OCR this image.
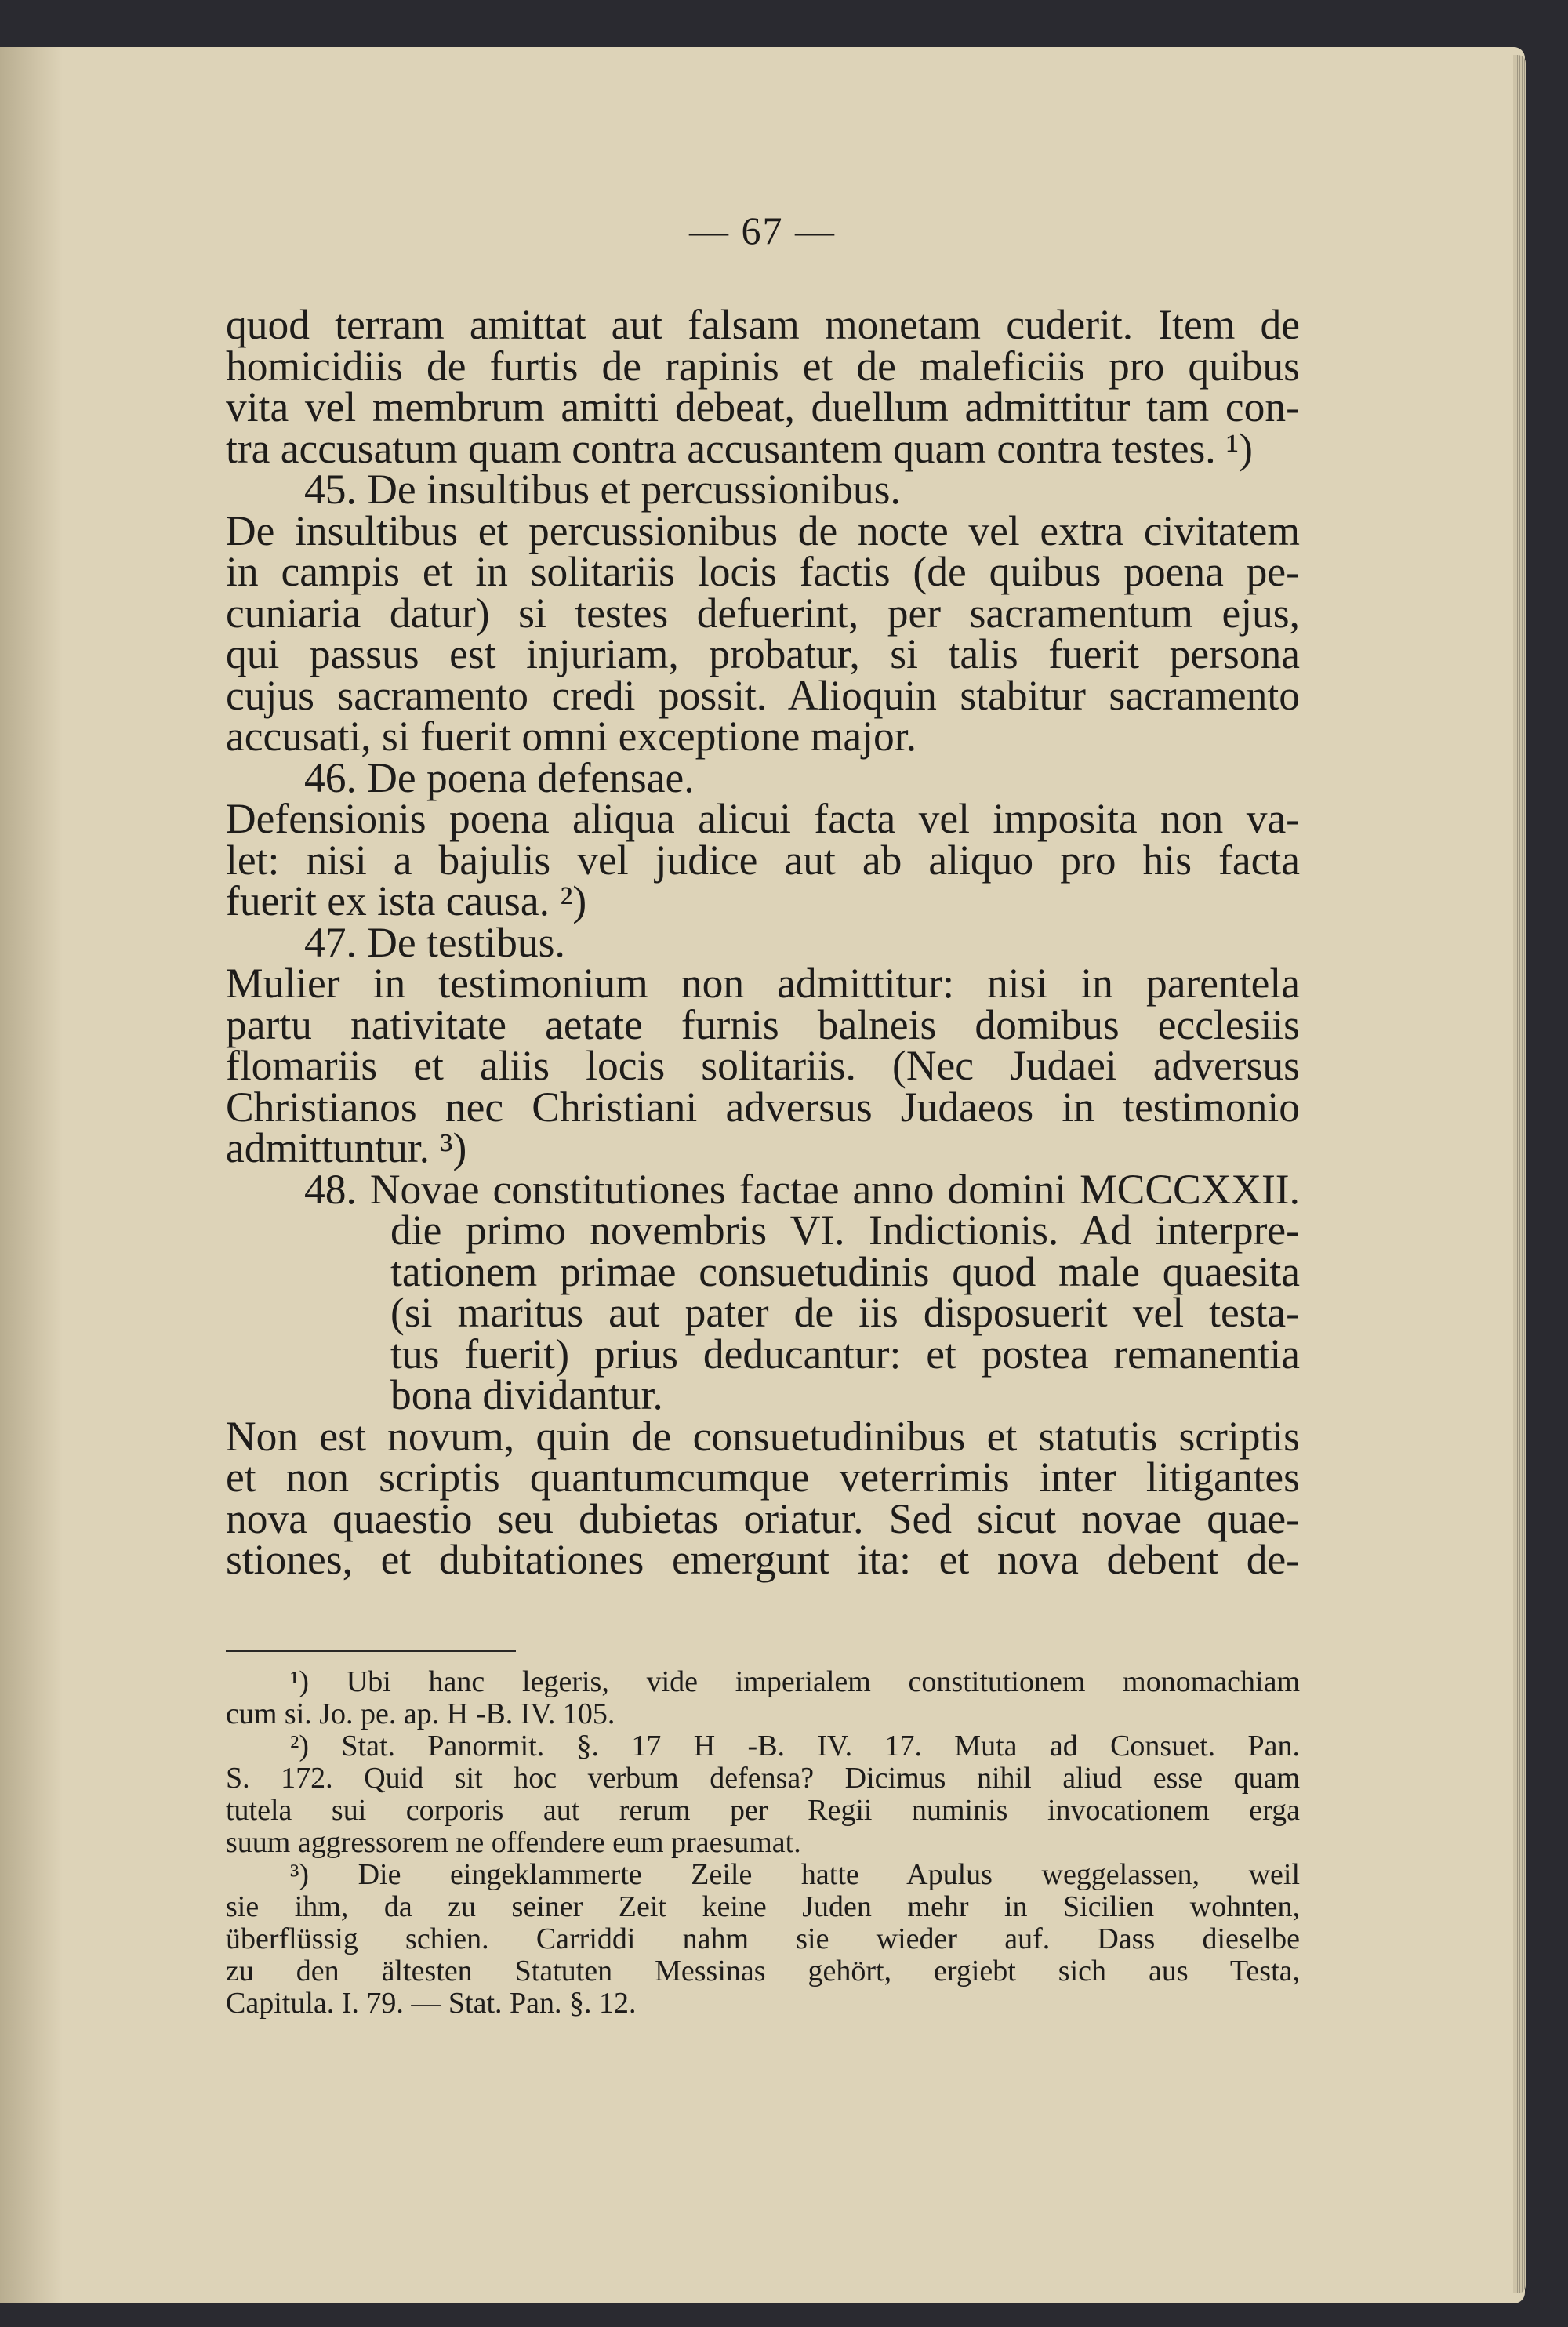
— 67 —
quod terram amittat aut falsam monetam cuderit. Item de
homicidiis de furtis de rapinis et de maleficiis pro quibus
vita vel membrum amitti debeat, duellum admittitur tam con-
tra accusatum quam contra accusantem quam contra testes. ¹)
45. De insultibus et percussionibus.
De insultibus et percussionibus de nocte vel extra civitatem
in campis et in solitariis locis factis (de quibus poena pe-
cuniaria datur) si testes defuerint, per sacramentum ejus,
qui passus est injuriam, probatur, si talis fuerit persona
cujus sacramento credi possit. Alioquin stabitur sacramento
accusati, si fuerit omni exceptione major.
46. De poena defensae.
Defensionis poena aliqua alicui facta vel imposita non va-
let: nisi a bajulis vel judice aut ab aliquo pro his facta
fuerit ex ista causa. ²)
47. De testibus.
Mulier in testimonium non admittitur: nisi in parentela
partu nativitate aetate furnis balneis domibus ecclesiis
flomariis et aliis locis solitariis. (Nec Judaei adversus
Christianos nec Christiani adversus Judaeos in testimonio
admittuntur. ³)
48. Novae constitutiones factae anno domini MCCCXXII.
die primo novembris VI. Indictionis. Ad interpre-
tationem primae consuetudinis quod male quaesita
(si maritus aut pater de iis disposuerit vel testa-
tus fuerit) prius deducantur: et postea remanentia
bona dividantur.
Non est novum, quin de consuetudinibus et statutis scriptis
et non scriptis quantumcumque veterrimis inter litigantes
nova quaestio seu dubietas oriatur. Sed sicut novae quae-
stiones, et dubitationes emergunt ita: et nova debent de-
¹) Ubi hanc legeris, vide imperialem constitutionem monomachiam
cum si. Jo. pe. ap. H -B. IV. 105.
²) Stat. Panormit. §. 17 H -B. IV. 17. Muta ad Consuet. Pan.
S. 172. Quid sit hoc verbum defensa? Dicimus nihil aliud esse quam
tutela sui corporis aut rerum per Regii numinis invocationem erga
suum aggressorem ne offendere eum praesumat.
³) Die eingeklammerte Zeile hatte Apulus weggelassen, weil
sie ihm, da zu seiner Zeit keine Juden mehr in Sicilien wohnten,
überflüssig schien. Carriddi nahm sie wieder auf. Dass dieselbe
zu den ältesten Statuten Messinas gehört, ergiebt sich aus Testa,
Capitula. I. 79. — Stat. Pan. §. 12.
